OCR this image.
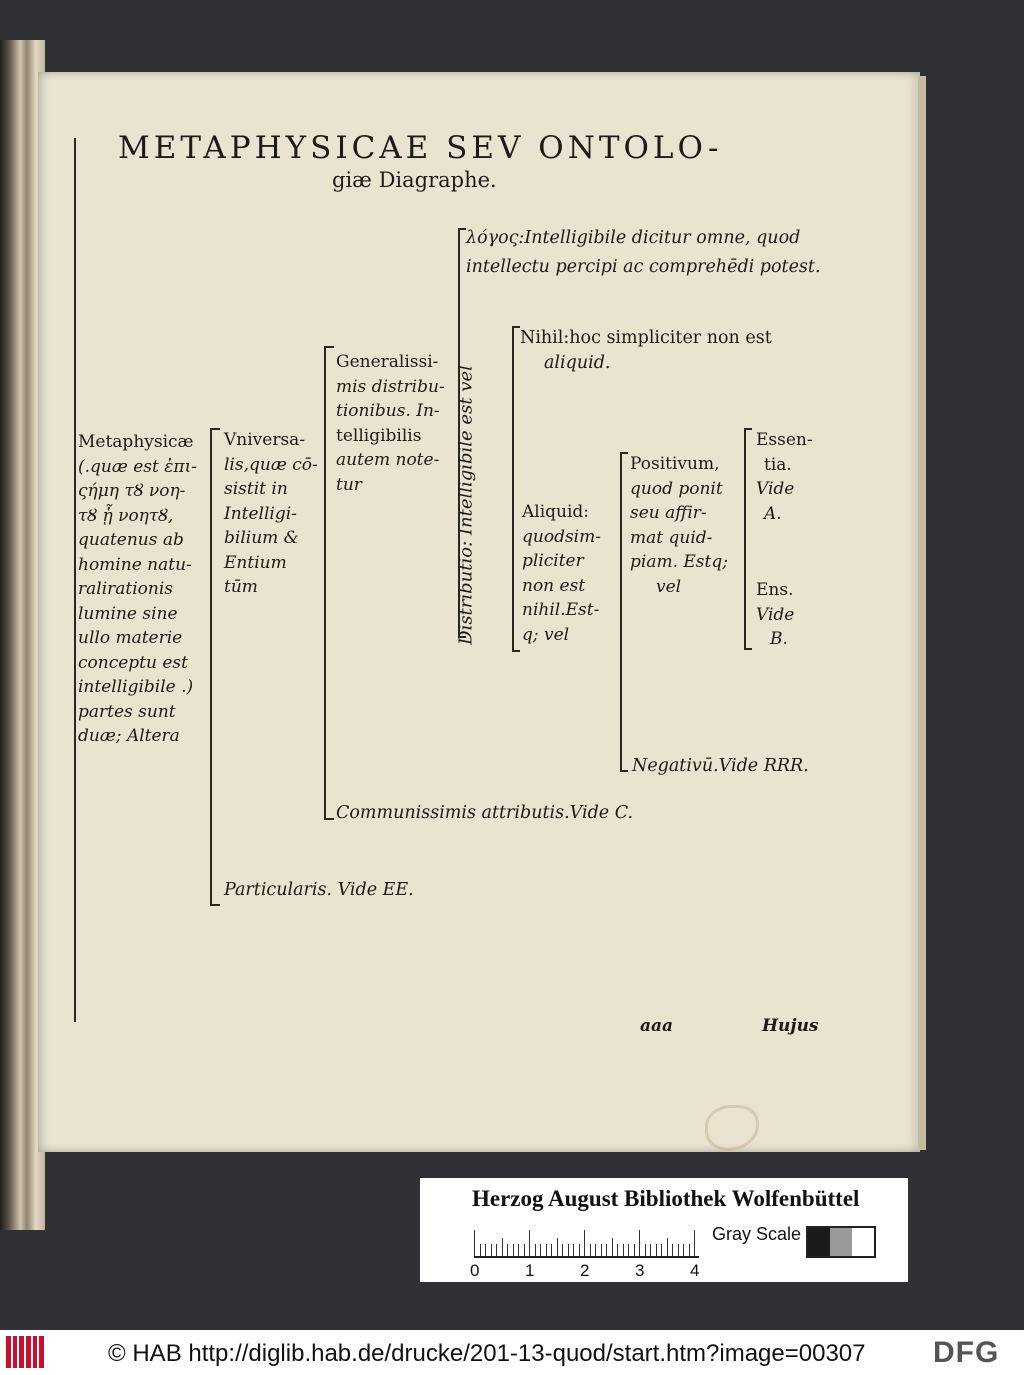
METAPHYSICAE SEV ONTOLO-
giæ Diagraphe.
Metaphysicæ
(.quæ est ἐπι-
ςήμη τȢ νοη-
τȢ ᾗ νοητȢ,
quatenus ab
homine natu-
ralirationis
lumine sine
ullo materie
conceptu est
intelligibile .)
partes sunt
duæ; Altera
Vniversa-
lis,quæ cō-
sistit in
Intelligi-
bilium &
Entium
tūm
Generalissi-
mis distribu-
tionibus. In-
telligibilis
autem note-
tur
λόγος:Intelligibile dicitur omne, quod
intellectu percipi ac comprehēdi potest.
Distributio: Intelligibile est vel
Nihil:hoc simpliciter non est
aliquid.
Aliquid:
quodsim-
pliciter
non est
nihil.Est-
q; vel
Positivum,
quod ponit
seu affir-
mat quid-
piam. Estq;
vel
Essen-
tia.
Vide
A.
Ens.
Vide
B.
Negativū.Vide RRR.
Communissimis attributis.Vide C.
Particularis. Vide EE.
aaa	Hujus
Herzog August Bibliothek Wolfenbüttel
0	1	2	3	4
Gray Scale
© HAB http://diglib.hab.de/drucke/201-13-quod/start.htm?image=00307 DFG
